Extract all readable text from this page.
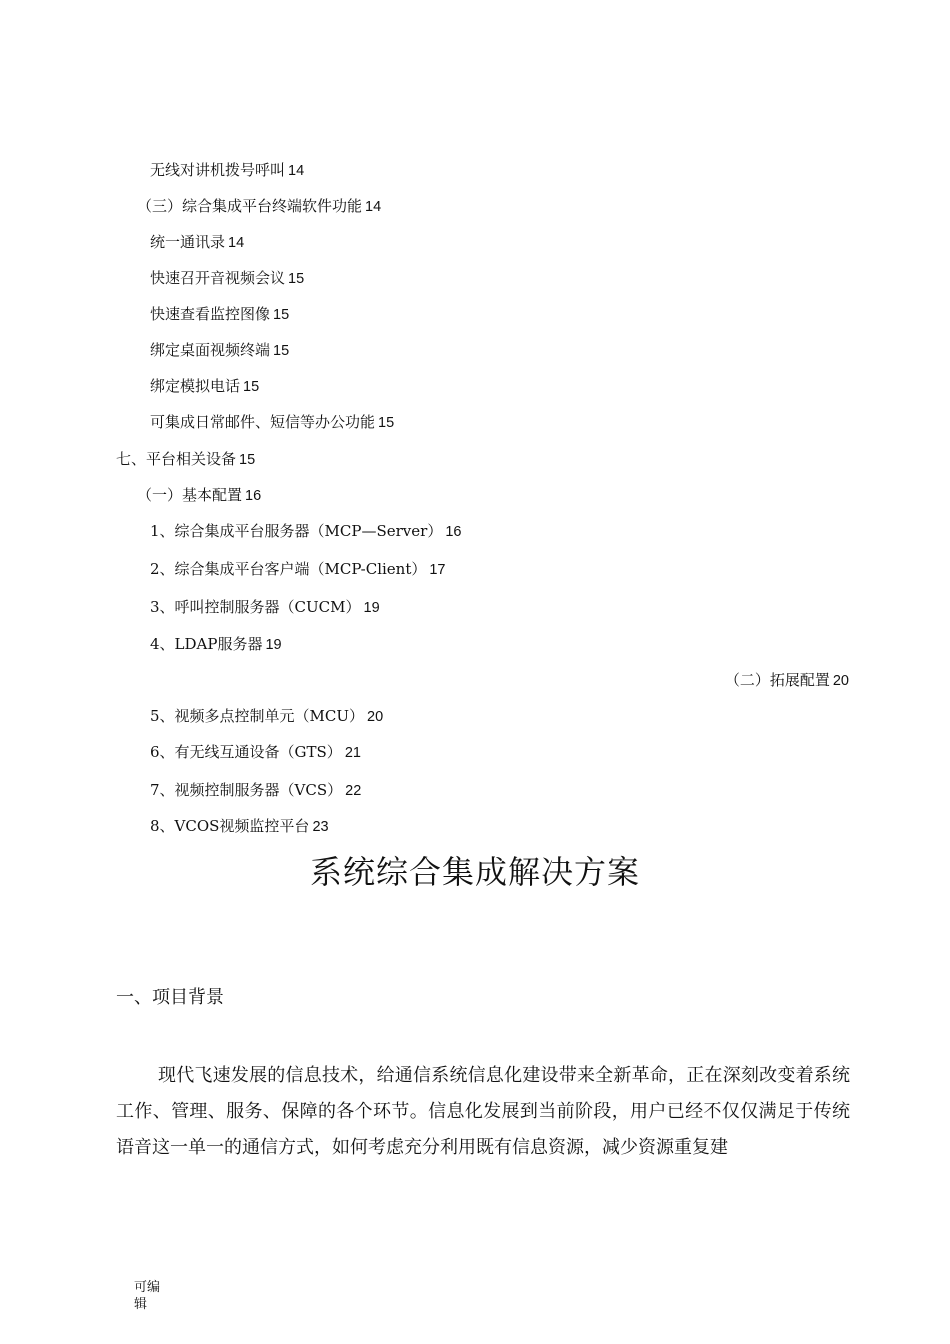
无线对讲机拨号呼叫 14
（三）综合集成平台终端软件功能 14
统一通讯录 14
快速召开音视频会议 15
快速查看监控图像 15
绑定桌面视频终端 15
绑定模拟电话 15
可集成日常邮件、短信等办公功能 15
七、平台相关设备 15
（一）基本配置 16
1、综合集成平台服务器（MCP—Server） 16
2、综合集成平台客户端（MCP-Client） 17
3、呼叫控制服务器（CUCM） 19
4、LDAP服务器 19
（二）拓展配置 20
5、视频多点控制单元（MCU） 20
6、有无线互通设备（GTS） 21
7、视频控制服务器（VCS） 22
8、VCOS视频监控平台 23
系统综合集成解决方案
一、项目背景
现代飞速发展的信息技术，给通信系统信息化建设带来全新革命，正在深刻改变着系统工作、管理、服务、保障的各个环节。信息化发展到当前阶段，用户已经不仅仅满足于传统语音这一单一的通信方式，如何考虑充分利用既有信息资源，减少资源重复建
可编辑
